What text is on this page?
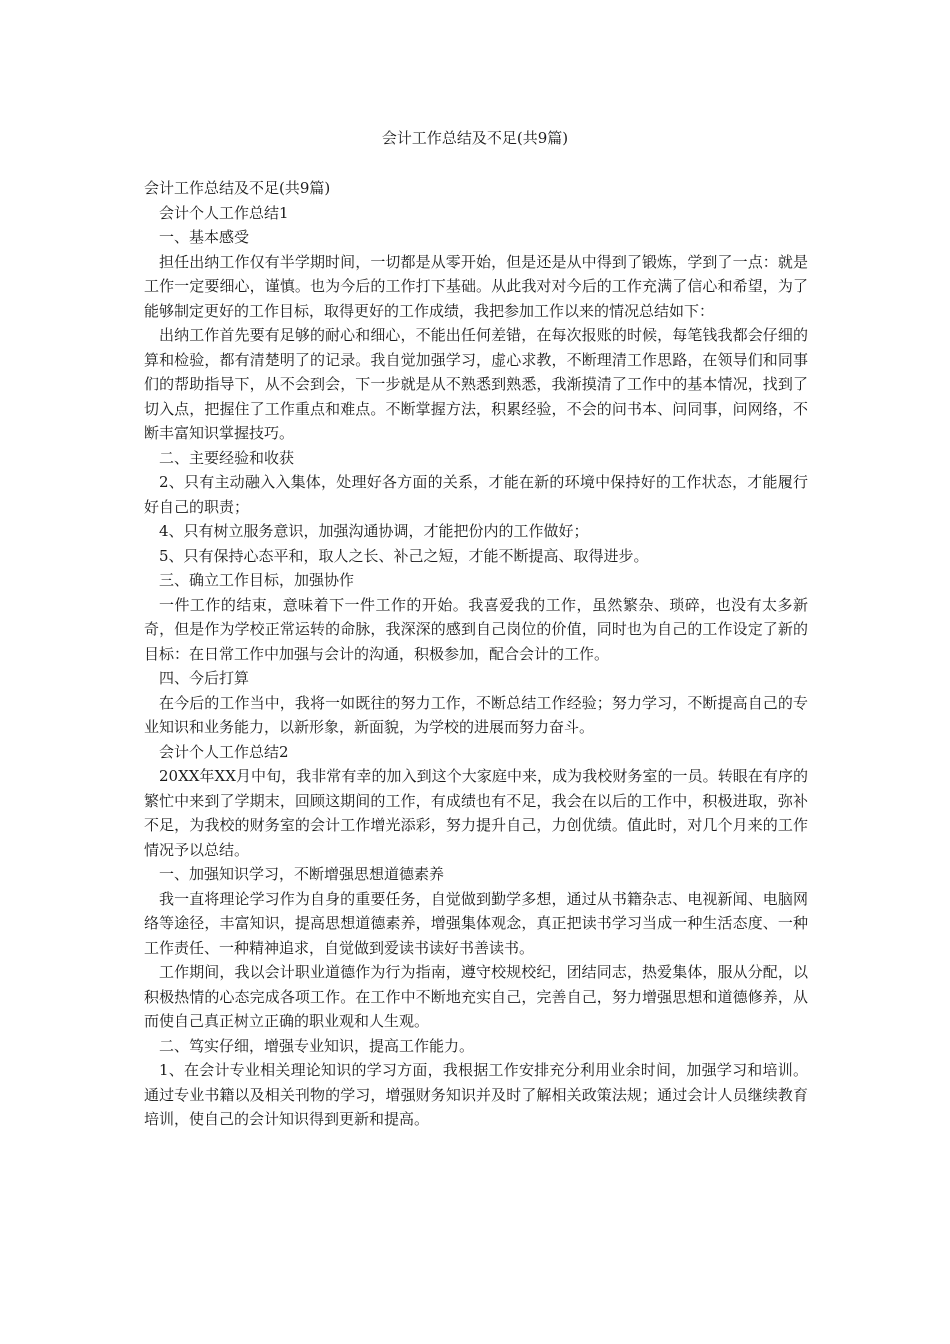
会计工作总结及不足(共9篇)

会计工作总结及不足(共9篇)

会计个人工作总结1

一、基本感受

担任出纳工作仅有半学期时间，一切都是从零开始，但是还是从中得到了锻炼，学到了一点：就是工作一定要细心，谨慎。也为今后的工作打下基础。从此我对对今后的工作充满了信心和希望，为了能够制定更好的工作目标，取得更好的工作成绩，我把参加工作以来的情况总结如下：

出纳工作首先要有足够的耐心和细心，不能出任何差错，在每次报账的时候，每笔钱我都会仔细的算和检验，都有清楚明了的记录。我自觉加强学习，虚心求教，不断理清工作思路，在领导们和同事们的帮助指导下，从不会到会，下一步就是从不熟悉到熟悉，我渐摸清了工作中的基本情况，找到了切入点，把握住了工作重点和难点。不断掌握方法，积累经验，不会的问书本、问同事，问网络，不断丰富知识掌握技巧。

二、主要经验和收获

2、只有主动融入入集体，处理好各方面的关系，才能在新的环境中保持好的工作状态，才能履行好自己的职责；

4、只有树立服务意识，加强沟通协调，才能把份内的工作做好；

5、只有保持心态平和，取人之长、补己之短，才能不断提高、取得进步。

三、确立工作目标，加强协作

一件工作的结束，意味着下一件工作的开始。我喜爱我的工作，虽然繁杂、琐碎，也没有太多新奇，但是作为学校正常运转的命脉，我深深的感到自己岗位的价值，同时也为自己的工作设定了新的目标：在日常工作中加强与会计的沟通，积极参加，配合会计的工作。

四、今后打算

在今后的工作当中，我将一如既往的努力工作，不断总结工作经验；努力学习，不断提高自己的专业知识和业务能力，以新形象，新面貌，为学校的进展而努力奋斗。

会计个人工作总结2

20XX年XX月中旬，我非常有幸的加入到这个大家庭中来，成为我校财务室的一员。转眼在有序的繁忙中来到了学期末，回顾这期间的工作，有成绩也有不足，我会在以后的工作中，积极进取，弥补不足，为我校的财务室的会计工作增光添彩，努力提升自己，力创优绩。值此时，对几个月来的工作情况予以总结。

一、加强知识学习，不断增强思想道德素养

我一直将理论学习作为自身的重要任务，自觉做到勤学多想，通过从书籍杂志、电视新闻、电脑网络等途径，丰富知识，提高思想道德素养，增强集体观念，真正把读书学习当成一种生活态度、一种工作责任、一种精神追求，自觉做到爱读书读好书善读书。

工作期间，我以会计职业道德作为行为指南，遵守校规校纪，团结同志，热爱集体，服从分配，以积极热情的心态完成各项工作。在工作中不断地充实自己，完善自己，努力增强思想和道德修养，从而使自己真正树立正确的职业观和人生观。

二、笃实仔细，增强专业知识，提高工作能力。

1、在会计专业相关理论知识的学习方面，我根据工作安排充分利用业余时间，加强学习和培训。通过专业书籍以及相关刊物的学习，增强财务知识并及时了解相关政策法规；通过会计人员继续教育培训，使自己的会计知识得到更新和提高。
